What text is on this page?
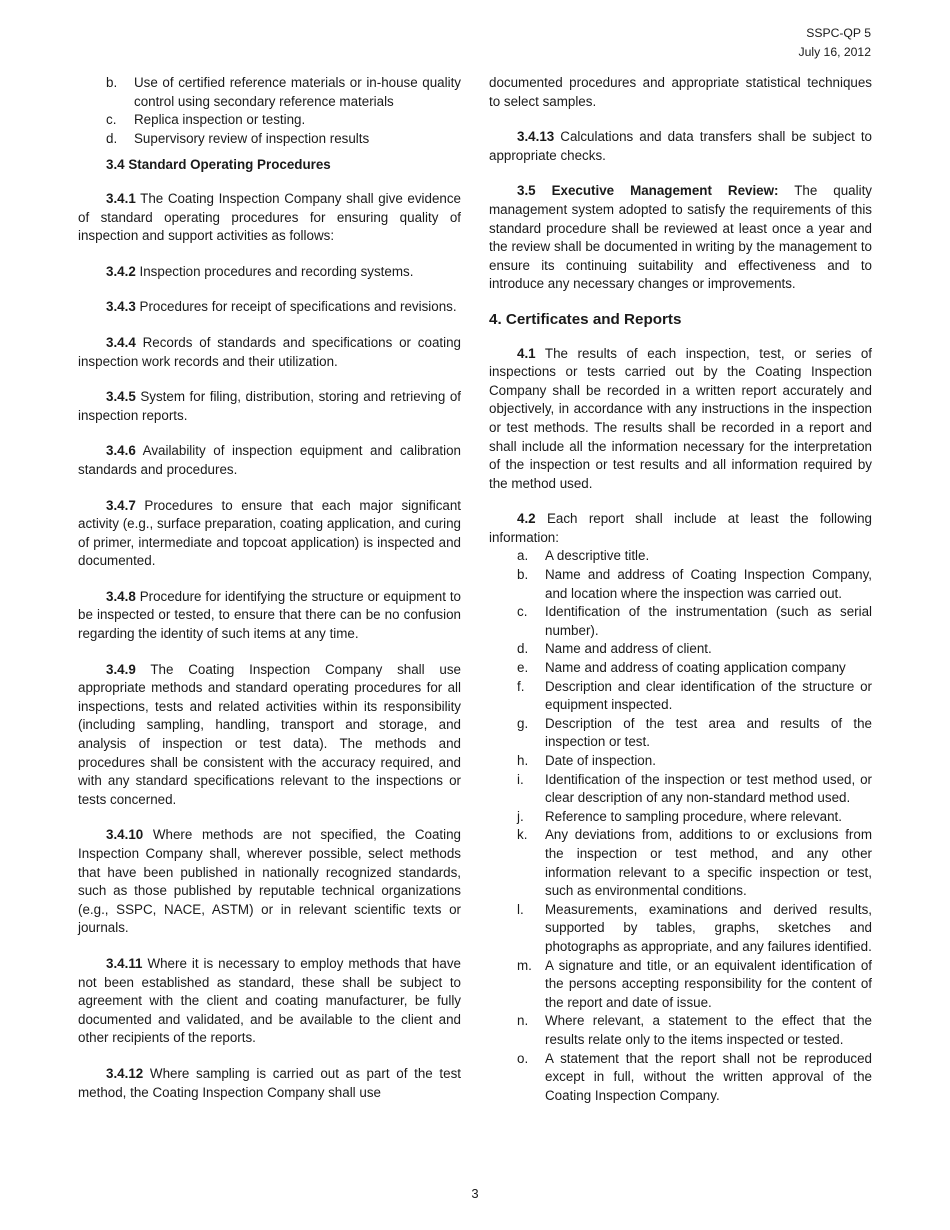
SSPC-QP 5
July 16, 2012
b. Use of certified reference materials or in-house quality control using secondary reference materials
c. Replica inspection or testing.
d. Supervisory review of inspection results
3.4 Standard Operating Procedures

3.4.1 The Coating Inspection Company shall give evidence of standard operating procedures for ensuring quality of inspection and support activities as follows:

3.4.2 Inspection procedures and recording systems.

3.4.3 Procedures for receipt of specifications and revisions.

3.4.4 Records of standards and specifications or coating inspection work records and their utilization.

3.4.5 System for filing, distribution, storing and retrieving of inspection reports.

3.4.6 Availability of inspection equipment and calibration standards and procedures.

3.4.7 Procedures to ensure that each major significant activity (e.g., surface preparation, coating application, and curing of primer, intermediate and topcoat application) is inspected and documented.

3.4.8 Procedure for identifying the structure or equipment to be inspected or tested, to ensure that there can be no confusion regarding the identity of such items at any time.

3.4.9 The Coating Inspection Company shall use appropriate methods and standard operating procedures for all inspections, tests and related activities within its responsibility (including sampling, handling, transport and storage, and analysis of inspection or test data). The methods and procedures shall be consistent with the accuracy required, and with any standard specifications relevant to the inspections or tests concerned.

3.4.10 Where methods are not specified, the Coating Inspection Company shall, wherever possible, select methods that have been published in nationally recognized standards, such as those published by reputable technical organizations (e.g., SSPC, NACE, ASTM) or in relevant scientific texts or journals.

3.4.11 Where it is necessary to employ methods that have not been established as standard, these shall be subject to agreement with the client and coating manufacturer, be fully documented and validated, and be available to the client and other recipients of the reports.

3.4.12 Where sampling is carried out as part of the test method, the Coating Inspection Company shall use

documented procedures and appropriate statistical techniques to select samples.

3.4.13 Calculations and data transfers shall be subject to appropriate checks.

3.5 Executive Management Review: The quality management system adopted to satisfy the requirements of this standard procedure shall be reviewed at least once a year and the review shall be documented in writing by the management to ensure its continuing suitability and effectiveness and to introduce any necessary changes or improvements.

4. Certificates and Reports

4.1 The results of each inspection, test, or series of inspections or tests carried out by the Coating Inspection Company shall be recorded in a written report accurately and objectively, in accordance with any instructions in the inspection or test methods. The results shall be recorded in a report and shall include all the information necessary for the interpretation of the inspection or test results and all information required by the method used.

4.2 Each report shall include at least the following information:

a. A descriptive title.
b. Name and address of Coating Inspection Company, and location where the inspection was carried out.
c. Identification of the instrumentation (such as serial number).
d. Name and address of client.
e. Name and address of coating application company
f. Description and clear identification of the structure or equipment inspected.
g. Description of the test area and results of the inspection or test.
h. Date of inspection.
i. Identification of the inspection or test method used, or clear description of any non-standard method used.
j. Reference to sampling procedure, where relevant.
k. Any deviations from, additions to or exclusions from the inspection or test method, and any other information relevant to a specific inspection or test, such as environmental conditions.
l. Measurements, examinations and derived results, supported by tables, graphs, sketches and photographs as appropriate, and any failures identified.
m. A signature and title, or an equivalent identification of the persons accepting responsibility for the content of the report and date of issue.
n. Where relevant, a statement to the effect that the results relate only to the items inspected or tested.
o. A statement that the report shall not be reproduced except in full, without the written approval of the Coating Inspection Company.
3
